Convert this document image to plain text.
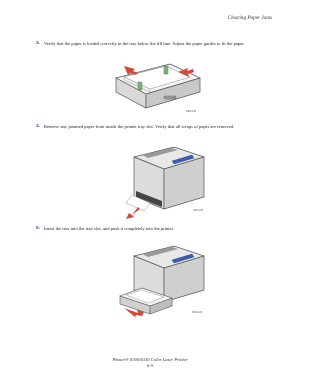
Clearing Paper Jams
3. Verify that the paper is loaded correctly in the tray below the fill line. Adjust the paper guides to fit the paper.
6300-156
4. Remove any jammed paper from inside the printer tray slot. Verify that all scraps of paper are removed.
6300-014
5. Insert the tray into the tray slot, and push it completely into the printer.
6300-109
Phaser® 6300/6350 Color Laser Printer
6-5
